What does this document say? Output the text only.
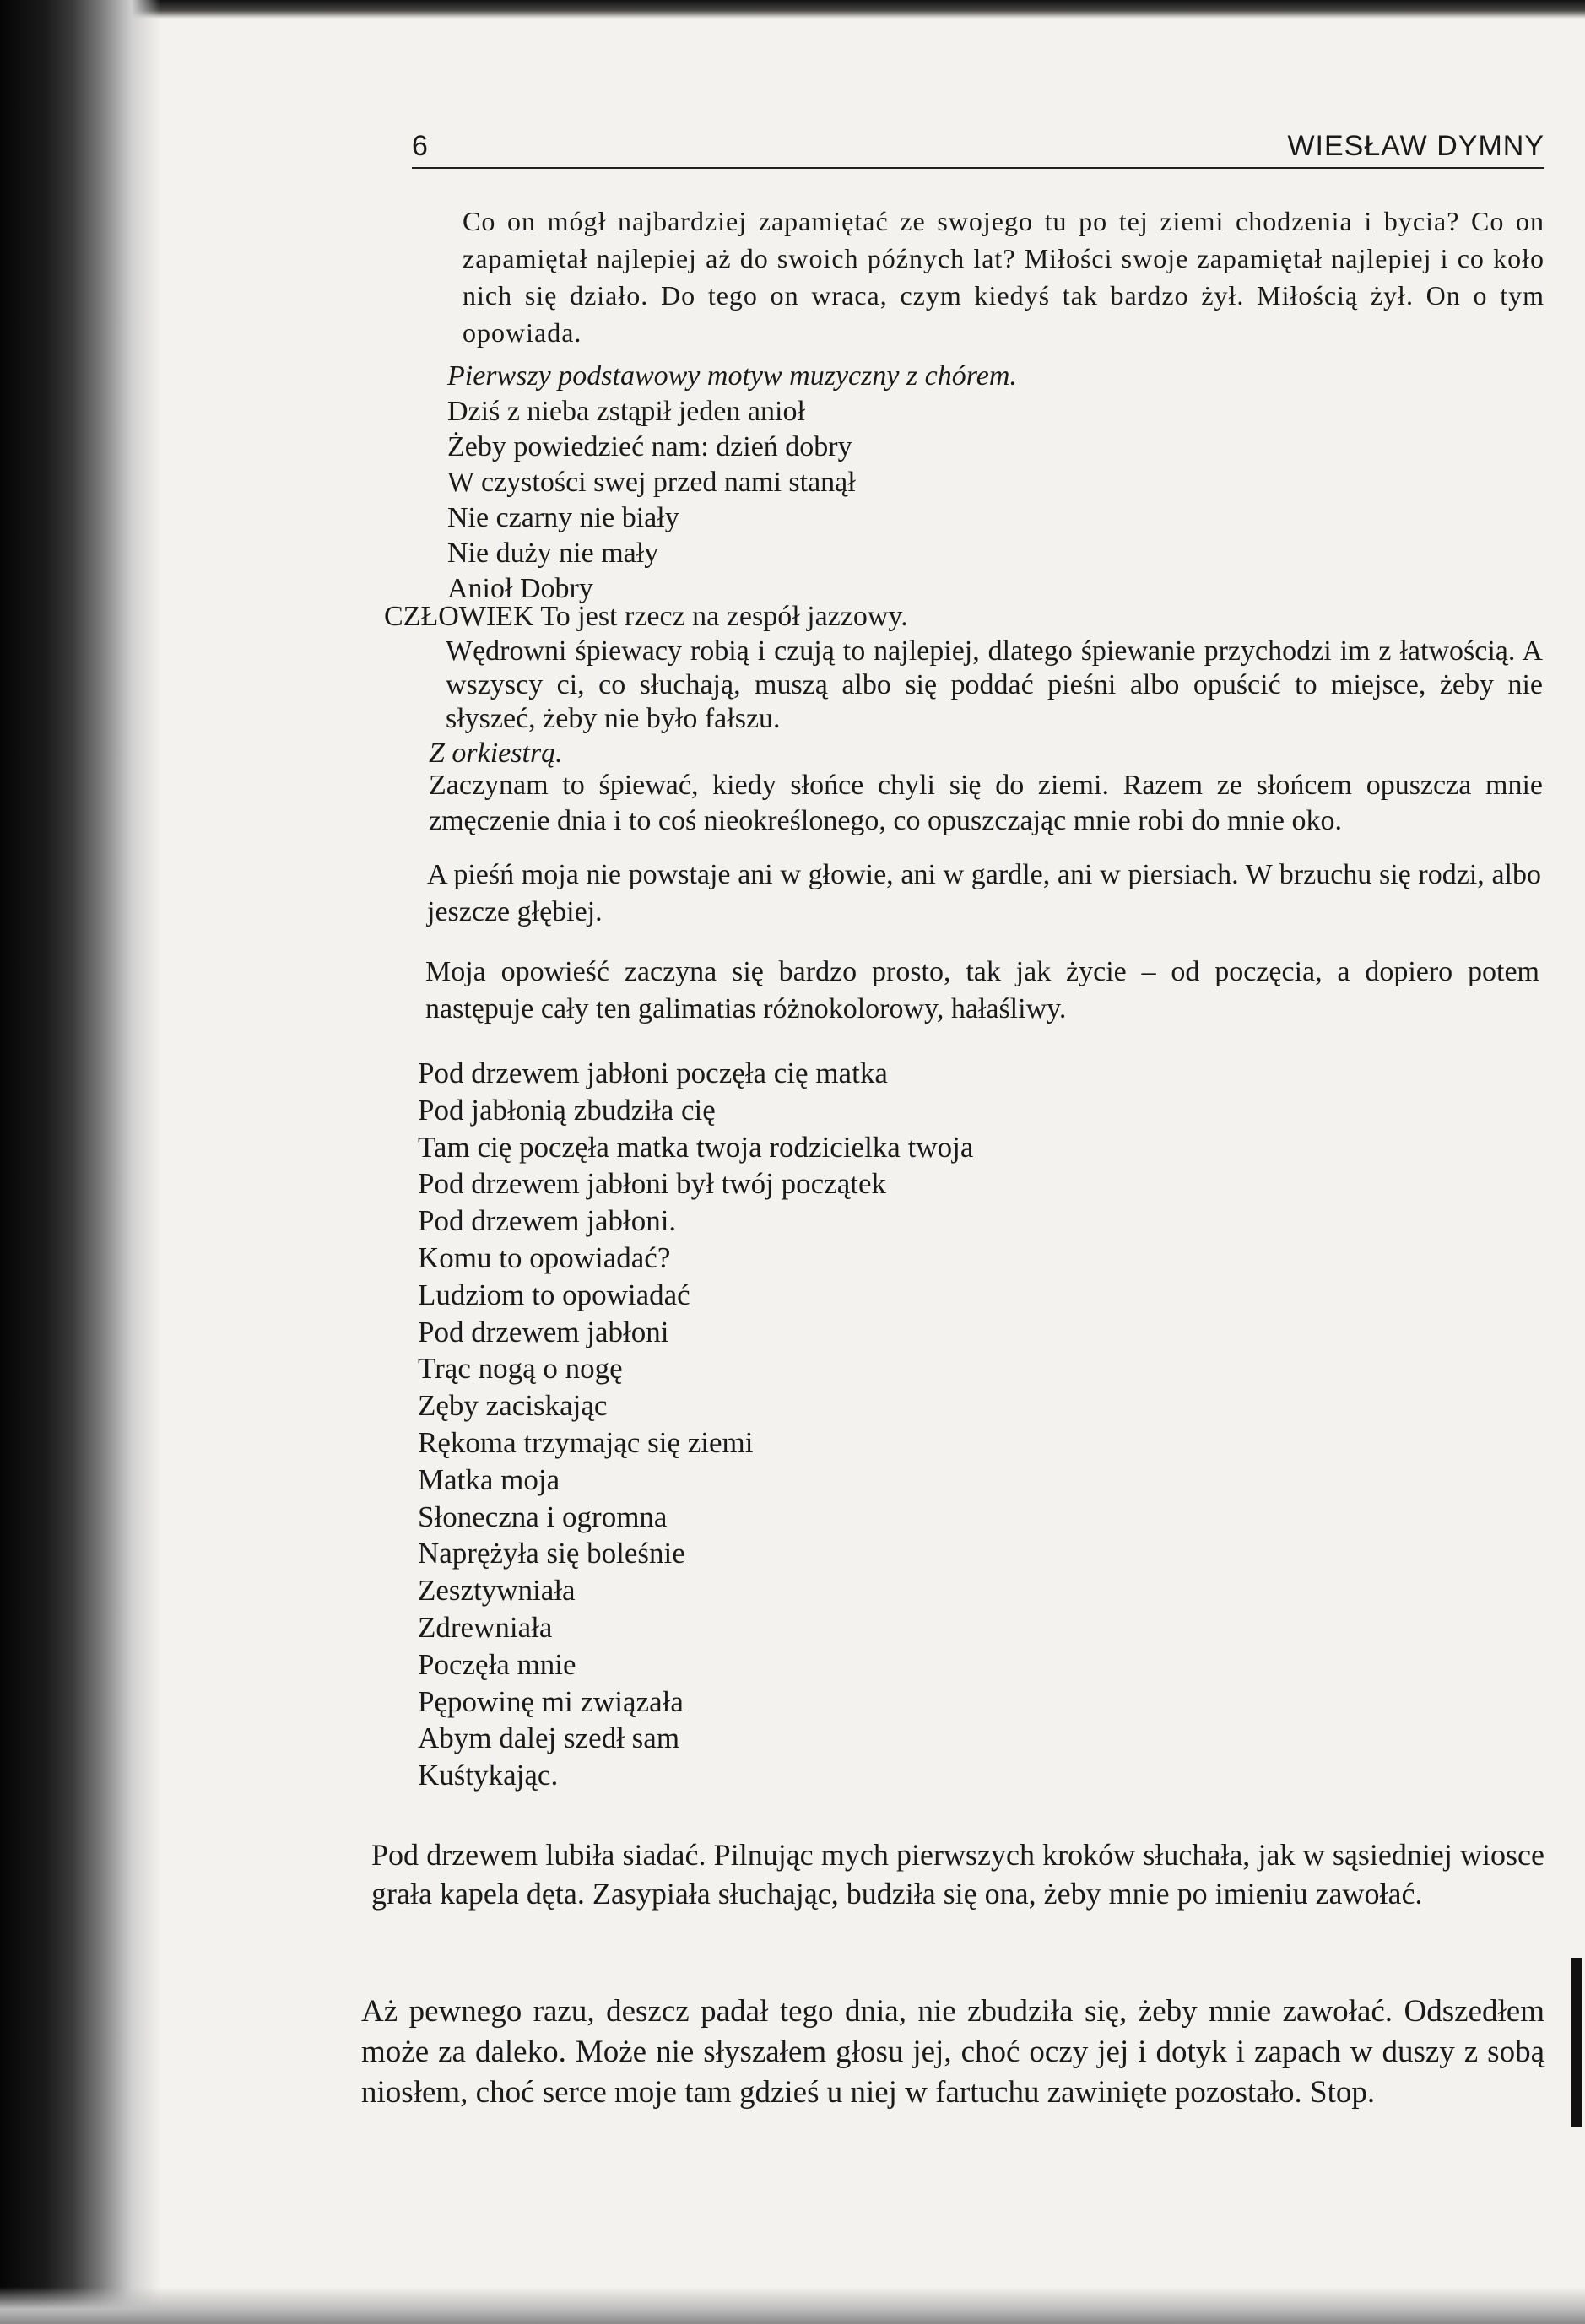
6	WIESŁAW DYMNY
Co on mógł najbardziej zapamiętać ze swojego tu po tej ziemi chodzenia i bycia? Co on zapamiętał najlepiej aż do swoich późnych lat? Miłości swoje zapamiętał najlepiej i co koło nich się działo. Do tego on wraca, czym kiedyś tak bardzo żył. Miłością żył. On o tym opowiada.
Pierwszy podstawowy motyw muzyczny z chórem.
Dziś z nieba zstąpił jeden anioł
Żeby powiedzieć nam: dzień dobry
W czystości swej przed nami stanął
Nie czarny nie biały
Nie duży nie mały
Anioł Dobry
CZŁOWIEK To jest rzecz na zespół jazzowy.
Wędrowni śpiewacy robią i czują to najlepiej, dlatego śpiewanie przychodzi im z łatwością. A wszyscy ci, co słuchają, muszą albo się poddać pieśni albo opuścić to miejsce, żeby nie słyszeć, żeby nie było fałszu.
Z orkiestrą.
Zaczynam to śpiewać, kiedy słońce chyli się do ziemi. Razem ze słońcem opuszcza mnie zmęczenie dnia i to coś nieokreślonego, co opuszczając mnie robi do mnie oko.
A pieśń moja nie powstaje ani w głowie, ani w gardle, ani w piersiach. W brzuchu się rodzi, albo jeszcze głębiej.
Moja opowieść zaczyna się bardzo prosto, tak jak życie – od poczęcia, a dopiero potem następuje cały ten galimatias różnokolorowy, hałaśliwy.
Pod drzewem jabłoni poczęła cię matka
Pod jabłonią zbudziła cię
Tam cię poczęła matka twoja rodzicielka twoja
Pod drzewem jabłoni był twój początek
Pod drzewem jabłoni.
Komu to opowiadać?
Ludziom to opowiadać
Pod drzewem jabłoni
Trąc nogą o nogę
Zęby zaciskając
Rękoma trzymając się ziemi
Matka moja
Słoneczna i ogromna
Naprężyła się boleśnie
Zesztywniała
Zdrewniała
Poczęła mnie
Pępowinę mi związała
Abym dalej szedł sam
Kuśtykając.
Pod drzewem lubiła siadać. Pilnując mych pierwszych kroków słuchała, jak w sąsiedniej wiosce grała kapela dęta. Zasypiała słuchając, budziła się ona, żeby mnie po imieniu zawołać.
Aż pewnego razu, deszcz padał tego dnia, nie zbudziła się, żeby mnie zawołać. Odszedłem może za daleko. Może nie słyszałem głosu jej, choć oczy jej i dotyk i zapach w duszy z sobą niosłem, choć serce moje tam gdzieś u niej w fartuchu zawinięte pozostało. Stop.
